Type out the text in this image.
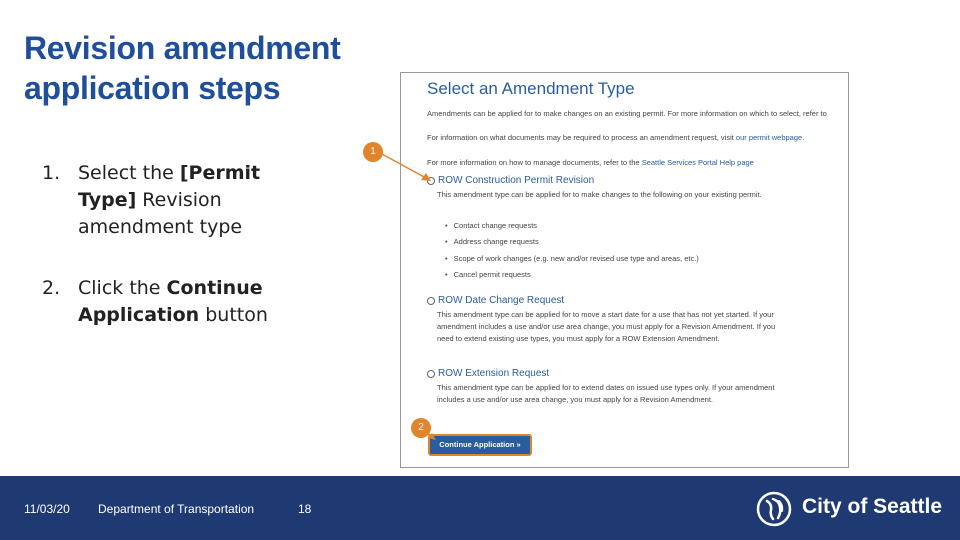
Revision amendment application steps
1. Select the [Permit Type] Revision amendment type
2. Click the Continue Application button
Select an Amendment Type
Amendments can be applied for to make changes on an existing permit. For more information on which to select, refer to
For information on what documents may be required to process an amendment request, visit our permit webpage.
For more information on how to manage documents, refer to the Seattle Services Portal Help page
ROW Construction Permit Revision
This amendment type can be applied for to make changes to the following on your existing permit.
• Contact change requests
• Address change requests
• Scope of work changes (e.g. new and/or revised use type and areas, etc.)
• Cancel permit requests
ROW Date Change Request
This amendment type can be applied for to move a start date for a use that has not yet started. If your amendment includes a use and/or use area change, you must apply for a Revision Amendment. If you need to extend existing use types, you must apply for a ROW Extension Amendment.
ROW Extension Request
This amendment type can be applied for to extend dates on issued use types only. If your amendment includes a use and/or use area change, you must apply for a Revision Amendment.
Continue Application »
1
2
11/03/20 Department of Transportation	18	City of Seattle
